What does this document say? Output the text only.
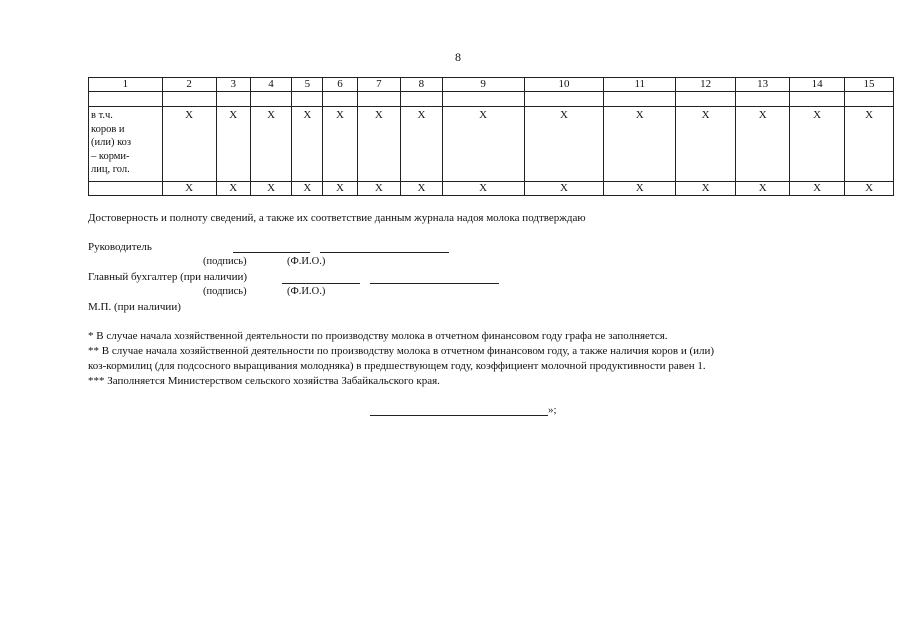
8
1	2	3	4	5	6	7	8	9	10	11	12	13	14	15

в т.ч.
коров и
(или) коз
– корми-
лиц, гол.	X	X	X	X	X	X	X	X	X	X	X	X	X	X
	X	X	X	X	X	X	X	X	X	X	X	X	X	X
Достоверность и полноту сведений, а также их соответствие данным журнала надоя молока подтверждаю
Руководитель
(подпись)	(Ф.И.О.)
Главный бухгалтер (при наличии)
(подпись)	(Ф.И.О.)
М.П. (при наличии)
* В случае начала хозяйственной деятельности по производству молока в отчетном финансовом году графа не заполняется.
** В случае начала хозяйственной деятельности по производству молока в отчетном финансовом году, а также наличия коров и (или)
коз-кормилиц (для подсосного выращивания молодняка) в предшествующем году, коэффициент молочной продуктивности равен 1.
*** Заполняется Министерством сельского хозяйства Забайкальского края.
»;
